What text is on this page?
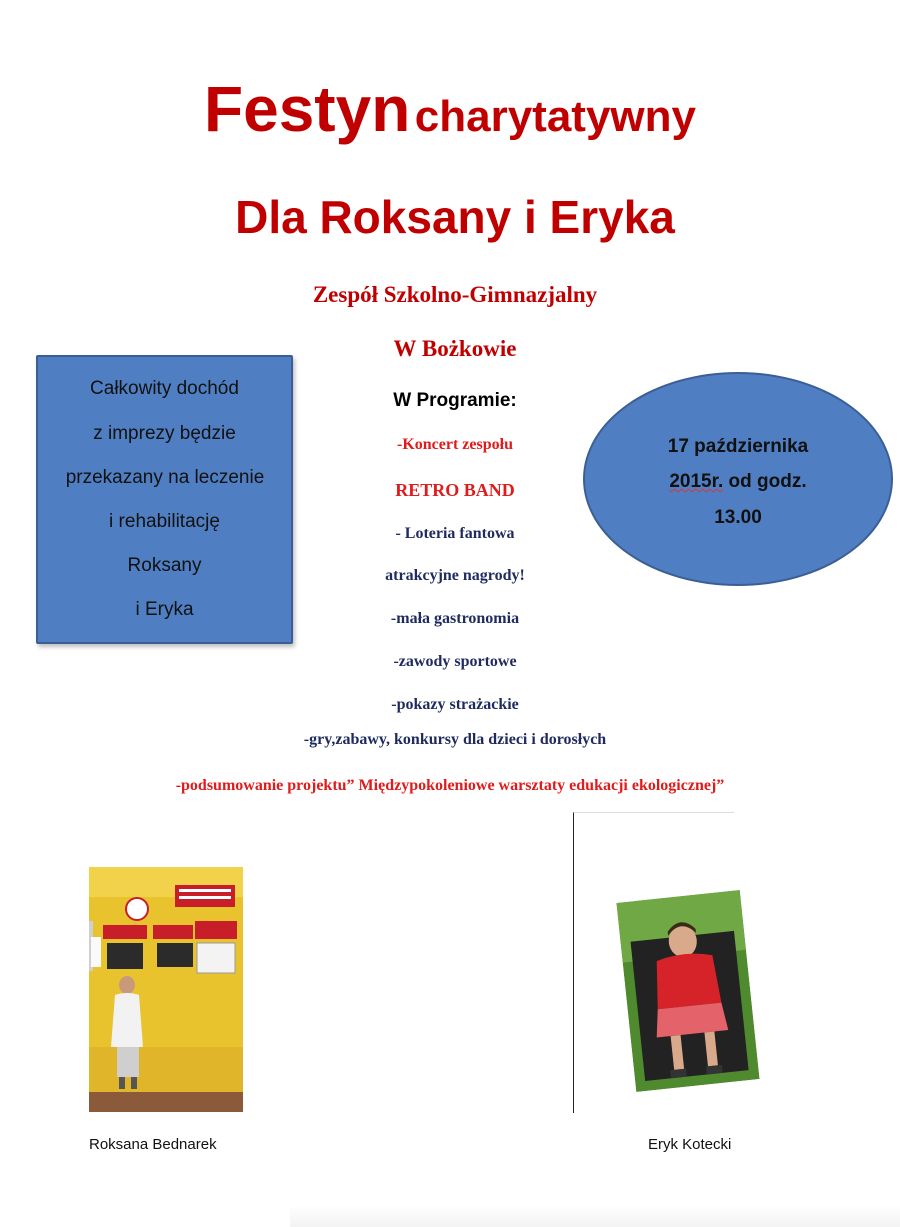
Festyn charytatywny
Dla Roksany i Eryka
Zespół Szkolno-Gimnazjalny
W Bożkowie
W Programie:
-Koncert zespołu
RETRO BAND
- Loteria fantowa
atrakcyjne nagrody!
-mała gastronomia
-zawody sportowe
-pokazy strażackie
-gry,zabawy, konkursy dla dzieci i dorosłych
-podsumowanie projektu” Międzypokoleniowe warsztaty edukacji ekologicznej”
Całkowity dochód
z imprezy będzie
przekazany na leczenie
i rehabilitację
Roksany
i Eryka
17 października
2015r. od godz.
13.00
Roksana Bednarek	Eryk Kotecki
